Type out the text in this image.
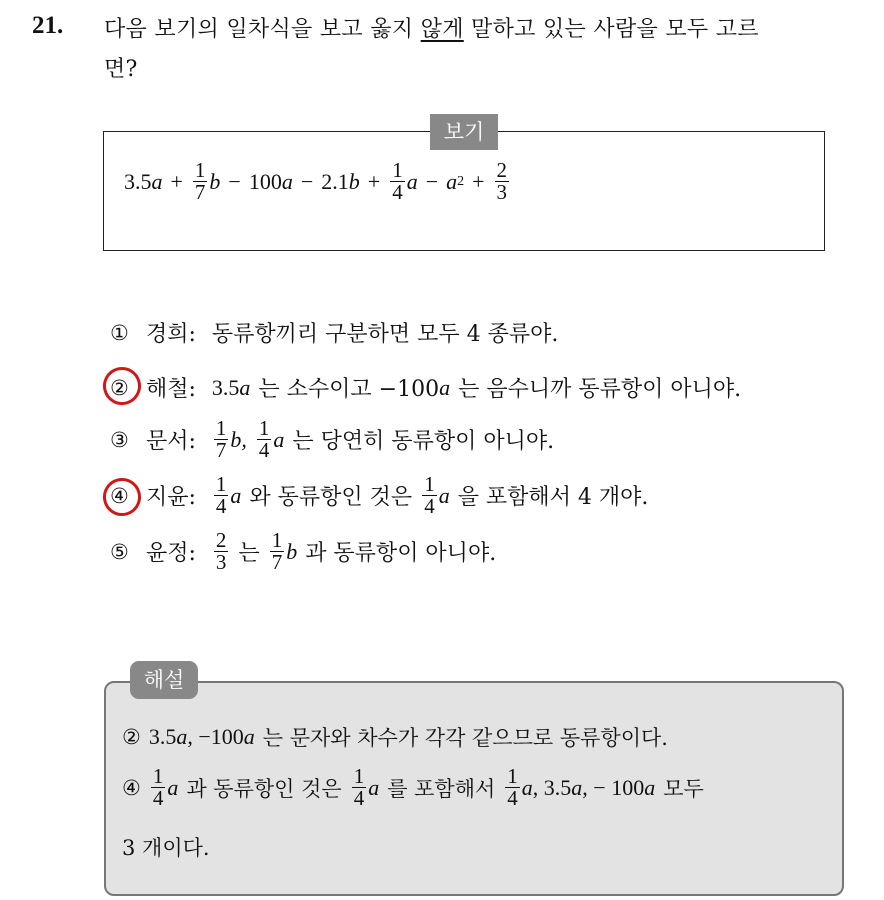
21. 다음 보기의 일차식을 보고 옳지 않게 말하고 있는 사람을 모두 고르
면?
보기
3.5 $a + \frac{1}{7}$ b − 100 a − 2.1 $b + \frac{1}{4}$ a − a $2 + \frac{2}{3}$
① 경희: 동류항끼리 구분하면 모두 4 종류야.
② 해철: 3.5 a 는 소수이고 −100 a 는 음수니까 동류항이 아니야.
③ 문서: $\frac{1}{7} b$, $\frac{1}{4}$ a 는 당연히 동류항이 아니야.
④ 지윤: $\frac{1}{4}$ a 와 동류항인 것은 $\frac{1}{4}$ a 을 포함해서 4 개야.
⑤ 윤정: $\frac{2}{3}$ 는 $\frac{1}{7}$ b 과 동류항이 아니야.
해설
② 3.5 a , −100 a 는 문자와 차수가 각각 같으므로 동류항이다.
④ $\frac{1}{4}$ a 과 동류항인 것은 $\frac{1}{4}$ a 를 포함해서 $\frac{1}{4}$ a , 3.5 a , − 100 a 모두
3 개이다.
